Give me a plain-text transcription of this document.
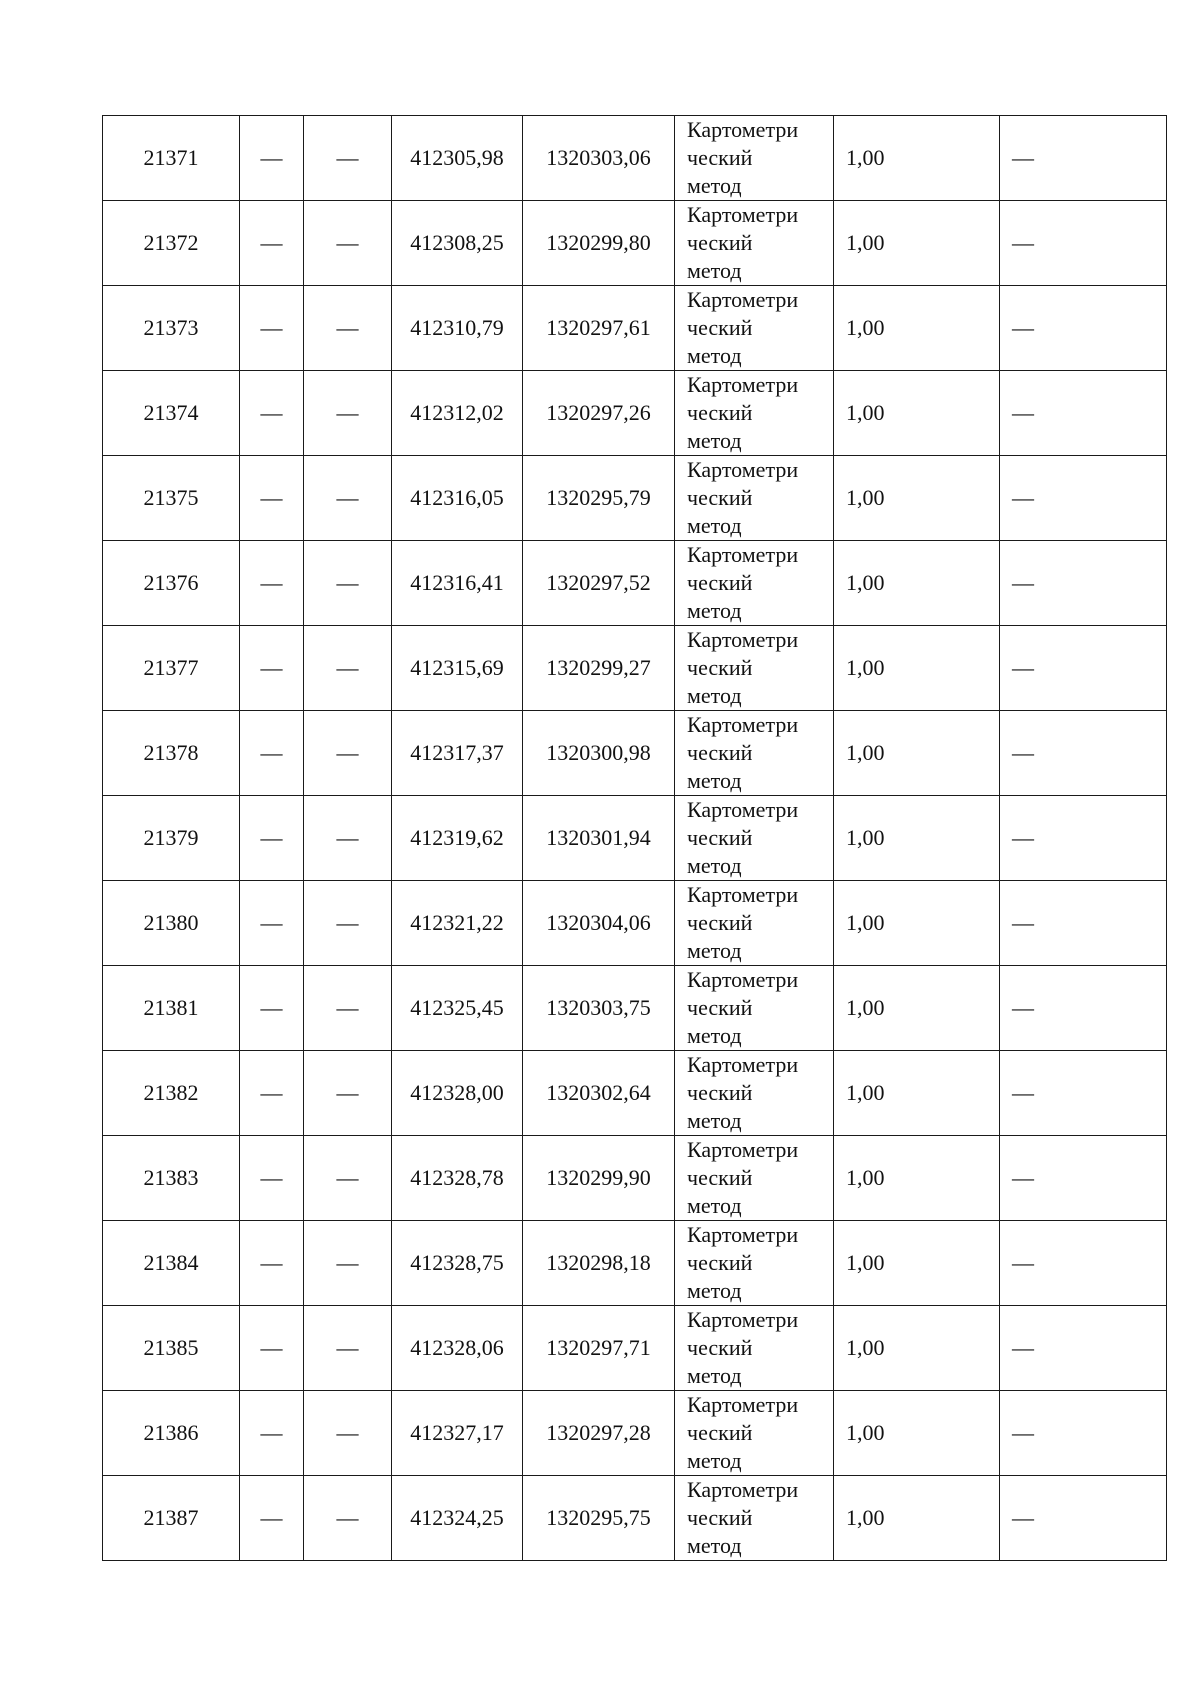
21371	—	—	412305,98	1320303,06	Картометри
ческий
метод	1,00	—
21372	—	—	412308,25	1320299,80	Картометри
ческий
метод	1,00	—
21373	—	—	412310,79	1320297,61	Картометри
ческий
метод	1,00	—
21374	—	—	412312,02	1320297,26	Картометри
ческий
метод	1,00	—
21375	—	—	412316,05	1320295,79	Картометри
ческий
метод	1,00	—
21376	—	—	412316,41	1320297,52	Картометри
ческий
метод	1,00	—
21377	—	—	412315,69	1320299,27	Картометри
ческий
метод	1,00	—
21378	—	—	412317,37	1320300,98	Картометри
ческий
метод	1,00	—
21379	—	—	412319,62	1320301,94	Картометри
ческий
метод	1,00	—
21380	—	—	412321,22	1320304,06	Картометри
ческий
метод	1,00	—
21381	—	—	412325,45	1320303,75	Картометри
ческий
метод	1,00	—
21382	—	—	412328,00	1320302,64	Картометри
ческий
метод	1,00	—
21383	—	—	412328,78	1320299,90	Картометри
ческий
метод	1,00	—
21384	—	—	412328,75	1320298,18	Картометри
ческий
метод	1,00	—
21385	—	—	412328,06	1320297,71	Картометри
ческий
метод	1,00	—
21386	—	—	412327,17	1320297,28	Картометри
ческий
метод	1,00	—
21387	—	—	412324,25	1320295,75	Картометри
ческий
метод	1,00	—
